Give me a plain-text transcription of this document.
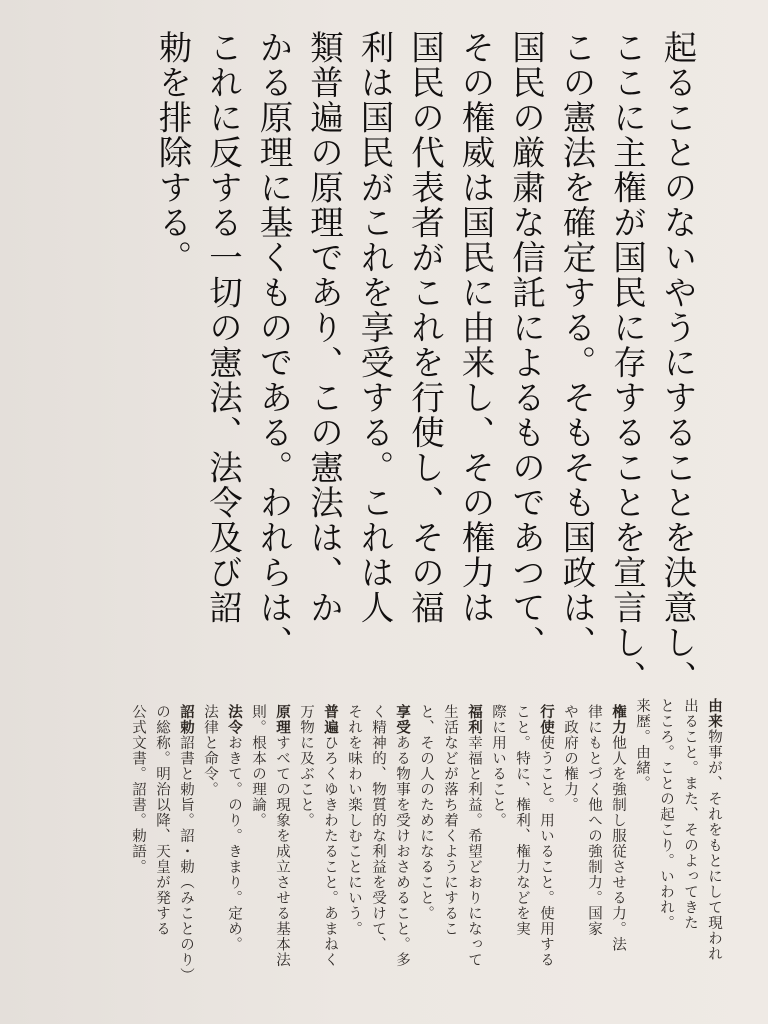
起ることのないやうにすることを決意し、
ここに主権が国民に存することを宣言し、
この憲法を確定する。そもそも国政は、
国民の厳粛な信託によるものであつて、
その権威は国民に由来し、その権力は
国民の代表者がこれを行使し、その福
利は国民がこれを享受する。これは人
類普遍の原理であり、この憲法は、か
かる原理に基くものである。われらは、
これに反する一切の憲法、法令及び詔
勅を排除する。
由来物事が、それをもとにして現われ
出ること。また、そのよってきた
ところ。ことの起こり。いわれ。
来歴。由緒。
権力他人を強制し服従させる力。法
律にもとづく他への強制力。国家
や政府の権力。
行使使うこと。用いること。使用する
こと。特に、権利、権力などを実
際に用いること。
福利幸福と利益。希望どおりになって
生活などが落ち着くようにするこ
と、その人のためになること。
享受ある物事を受けおさめること。多
く精神的、物質的な利益を受けて、
それを味わい楽しむことにいう。
普遍ひろくゆきわたること。あまねく
万物に及ぶこと。
原理すべての現象を成立させる基本法
則。根本の理論。
法令おきて。のり。きまり。定め。
法律と命令。
詔勅詔書と勅旨。詔・勅（みことのり）
の総称。明治以降、天皇が発する
公式文書。詔書。勅語。
